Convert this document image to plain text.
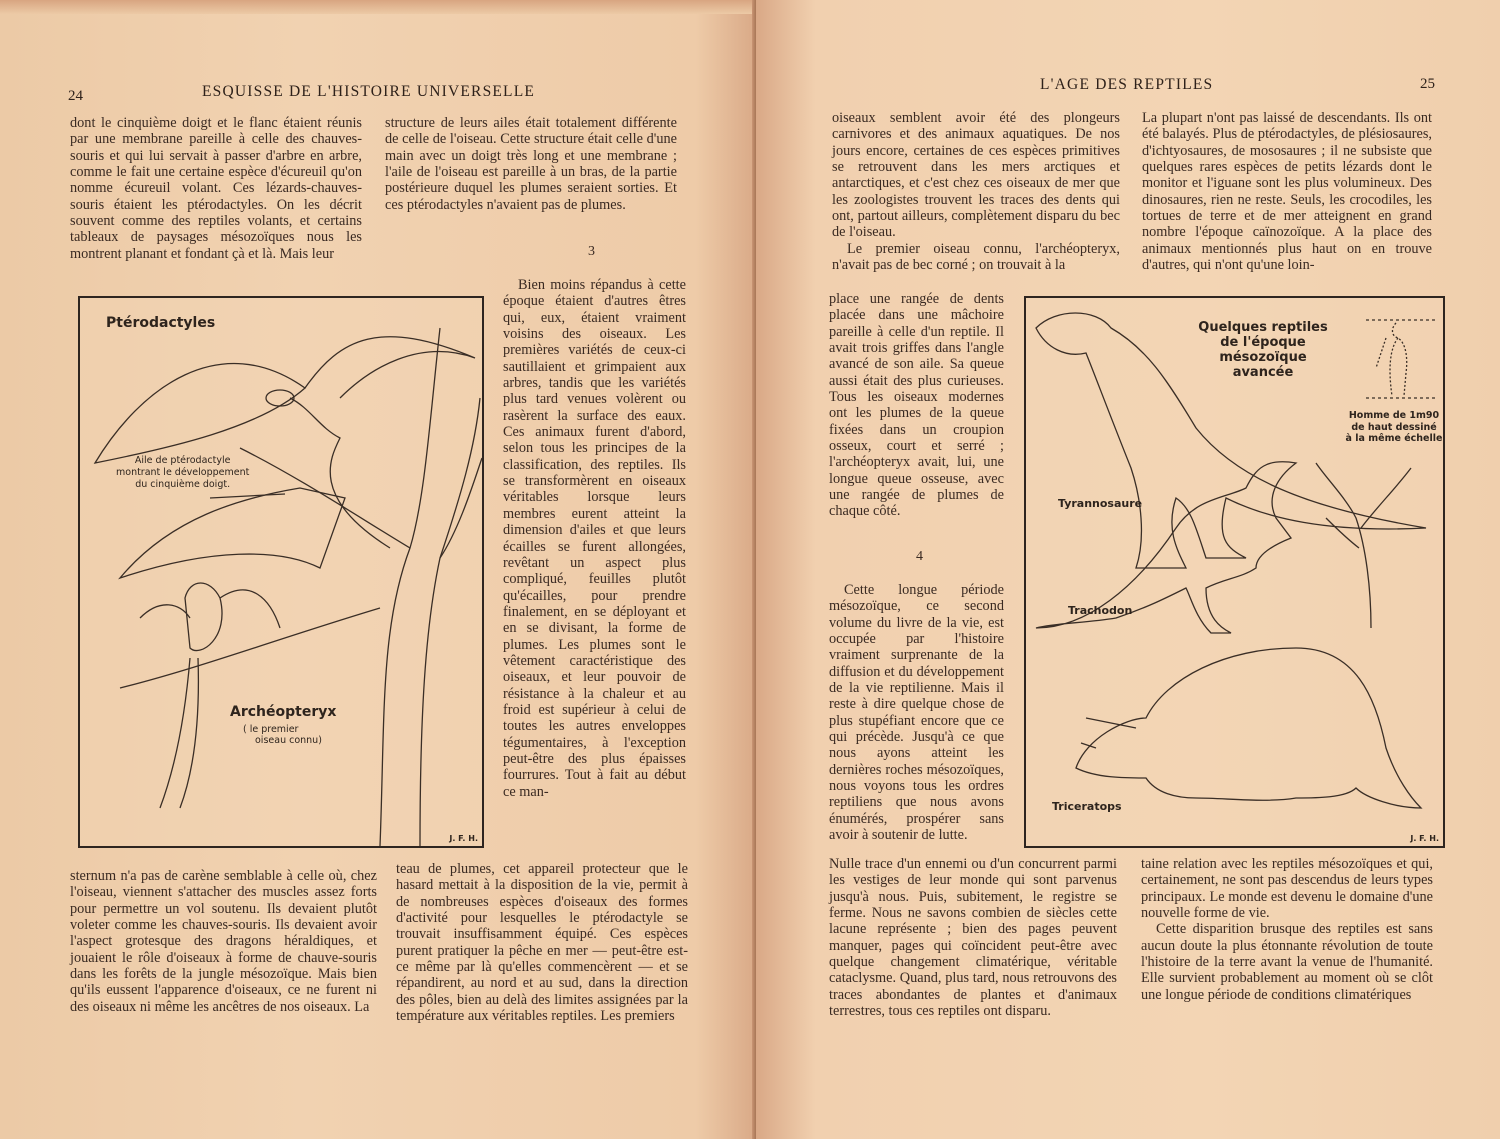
24	ESQUISSE DE L'HISTOIRE UNIVERSELLE

dont le cinquième doigt et le flanc étaient réunis par une membrane pareille à celle des chauves-souris et qui lui servait à passer d'arbre en arbre, comme le fait une certaine espèce d'écureuil qu'on nomme écureuil volant. Ces lézards-chauves-souris étaient les ptérodactyles. On les décrit souvent comme des reptiles volants, et certains tableaux de paysages mésozoïques nous les montrent planant et fondant çà et là. Mais leur

structure de leurs ailes était totalement différente de celle de l'oiseau. Cette structure était celle d'une main avec un doigt très long et une membrane ; l'aile de l'oiseau est pareille à un bras, de la partie postérieure duquel les plumes seraient sorties. Et ces ptérodactyles n'avaient pas de plumes.

3

Bien moins répandus à cette époque étaient d'autres êtres qui, eux, étaient vraiment voisins des oiseaux. Les premières variétés de ceux-ci sautillaient et grimpaient aux arbres, tandis que les variétés plus tard venues volèrent ou rasèrent la surface des eaux. Ces animaux furent d'abord, selon tous les principes de la classification, des reptiles. Ils se transformèrent en oiseaux véritables lorsque leurs membres eurent atteint la dimension d'ailes et que leurs écailles se furent allongées, revêtant un aspect plus compliqué, feuilles plutôt qu'écailles, pour prendre finalement, en se déployant et en se divisant, la forme de plumes. Les plumes sont le vêtement caractéristique des oiseaux, et leur pouvoir de résistance à la chaleur et au froid est supérieur à celui de toutes les autres enveloppes tégumentaires, à l'exception peut-être des plus épaisses fourrures. Tout à fait au début ce man-

Ptérodactyles
Aile de ptérodactyle
montrant le développement
du cinquième doigt.
Archéopteryx
( le premier
oiseau connu)
J. F. H.

sternum n'a pas de carène semblable à celle où, chez l'oiseau, viennent s'attacher des muscles assez forts pour permettre un vol soutenu. Ils devaient plutôt voleter comme les chauves-souris. Ils devaient avoir l'aspect grotesque des dragons héraldiques, et jouaient le rôle d'oiseaux à forme de chauve-souris dans les forêts de la jungle mésozoïque. Mais bien qu'ils eussent l'apparence d'oiseaux, ce ne furent ni des oiseaux ni même les ancêtres de nos oiseaux. La

teau de plumes, cet appareil protecteur que le hasard mettait à la disposition de la vie, permit à de nombreuses espèces d'oiseaux des formes d'activité pour lesquelles le ptérodactyle se trouvait insuffisamment équipé. Ces espèces purent pratiquer la pêche en mer — peut-être est-ce même par là qu'elles commencèrent — et se répandirent, au nord et au sud, dans la direction des pôles, bien au delà des limites assignées par la température aux véritables reptiles. Les premiers

L'AGE DES REPTILES	25

oiseaux semblent avoir été des plongeurs carnivores et des animaux aquatiques. De nos jours encore, certaines de ces espèces primitives se retrouvent dans les mers arctiques et antarctiques, et c'est chez ces oiseaux de mer que les zoologistes trouvent les traces des dents qui ont, partout ailleurs, complètement disparu du bec de l'oiseau.

Le premier oiseau connu, l'archéopteryx, n'avait pas de bec corné ; on trouvait à la

place une rangée de dents placée dans une mâchoire pareille à celle d'un reptile. Il avait trois griffes dans l'angle avancé de son aile. Sa queue aussi était des plus curieuses. Tous les oiseaux modernes ont les plumes de la queue fixées dans un croupion osseux, court et serré ; l'archéopteryx avait, lui, une longue queue osseuse, avec une rangée de plumes de chaque côté.

4

Cette longue période mésozoïque, ce second volume du livre de la vie, est occupée par l'histoire vraiment surprenante de la diffusion et du développement de la vie reptilienne. Mais il reste à dire quelque chose de plus stupéfiant encore que ce qui précède. Jusqu'à ce que nous ayons atteint les dernières roches mésozoïques, nous voyons tous les ordres reptiliens que nous avons énumérés, prospérer sans avoir à soutenir de lutte.

Nulle trace d'un ennemi ou d'un concurrent parmi les vestiges de leur monde qui sont parvenus jusqu'à nous. Puis, subitement, le registre se ferme. Nous ne savons combien de siècles cette lacune représente ; bien des pages peuvent manquer, pages qui coïncident peut-être avec quelque changement climatérique, véritable cataclysme. Quand, plus tard, nous retrouvons des traces abondantes de plantes et d'animaux terrestres, tous ces reptiles ont disparu.

La plupart n'ont pas laissé de descendants. Ils ont été balayés. Plus de ptérodactyles, de plésiosaures, d'ichtyosaures, de mososaures ; il ne subsiste que quelques rares espèces de petits lézards dont le monitor et l'iguane sont les plus volumineux. Des dinosaures, rien ne reste. Seuls, les crocodiles, les tortues de terre et de mer atteignent en grand nombre l'époque caïnozoïque. A la place des animaux mentionnés plus haut on en trouve d'autres, qui n'ont qu'une loin-

Quelques reptiles
de l'époque mésozoïque
avancée
Homme de 1m90
de haut dessiné
à la même échelle
Tyrannosaure
Trachodon
Triceratops
J. F. H.

taine relation avec les reptiles mésozoïques et qui, certainement, ne sont pas descendus de leurs types principaux. Le monde est devenu le domaine d'une nouvelle forme de vie.

Cette disparition brusque des reptiles est sans aucun doute la plus étonnante révolution de toute l'histoire de la terre avant la venue de l'humanité. Elle survient probablement au moment où se clôt une longue période de conditions climatériques
